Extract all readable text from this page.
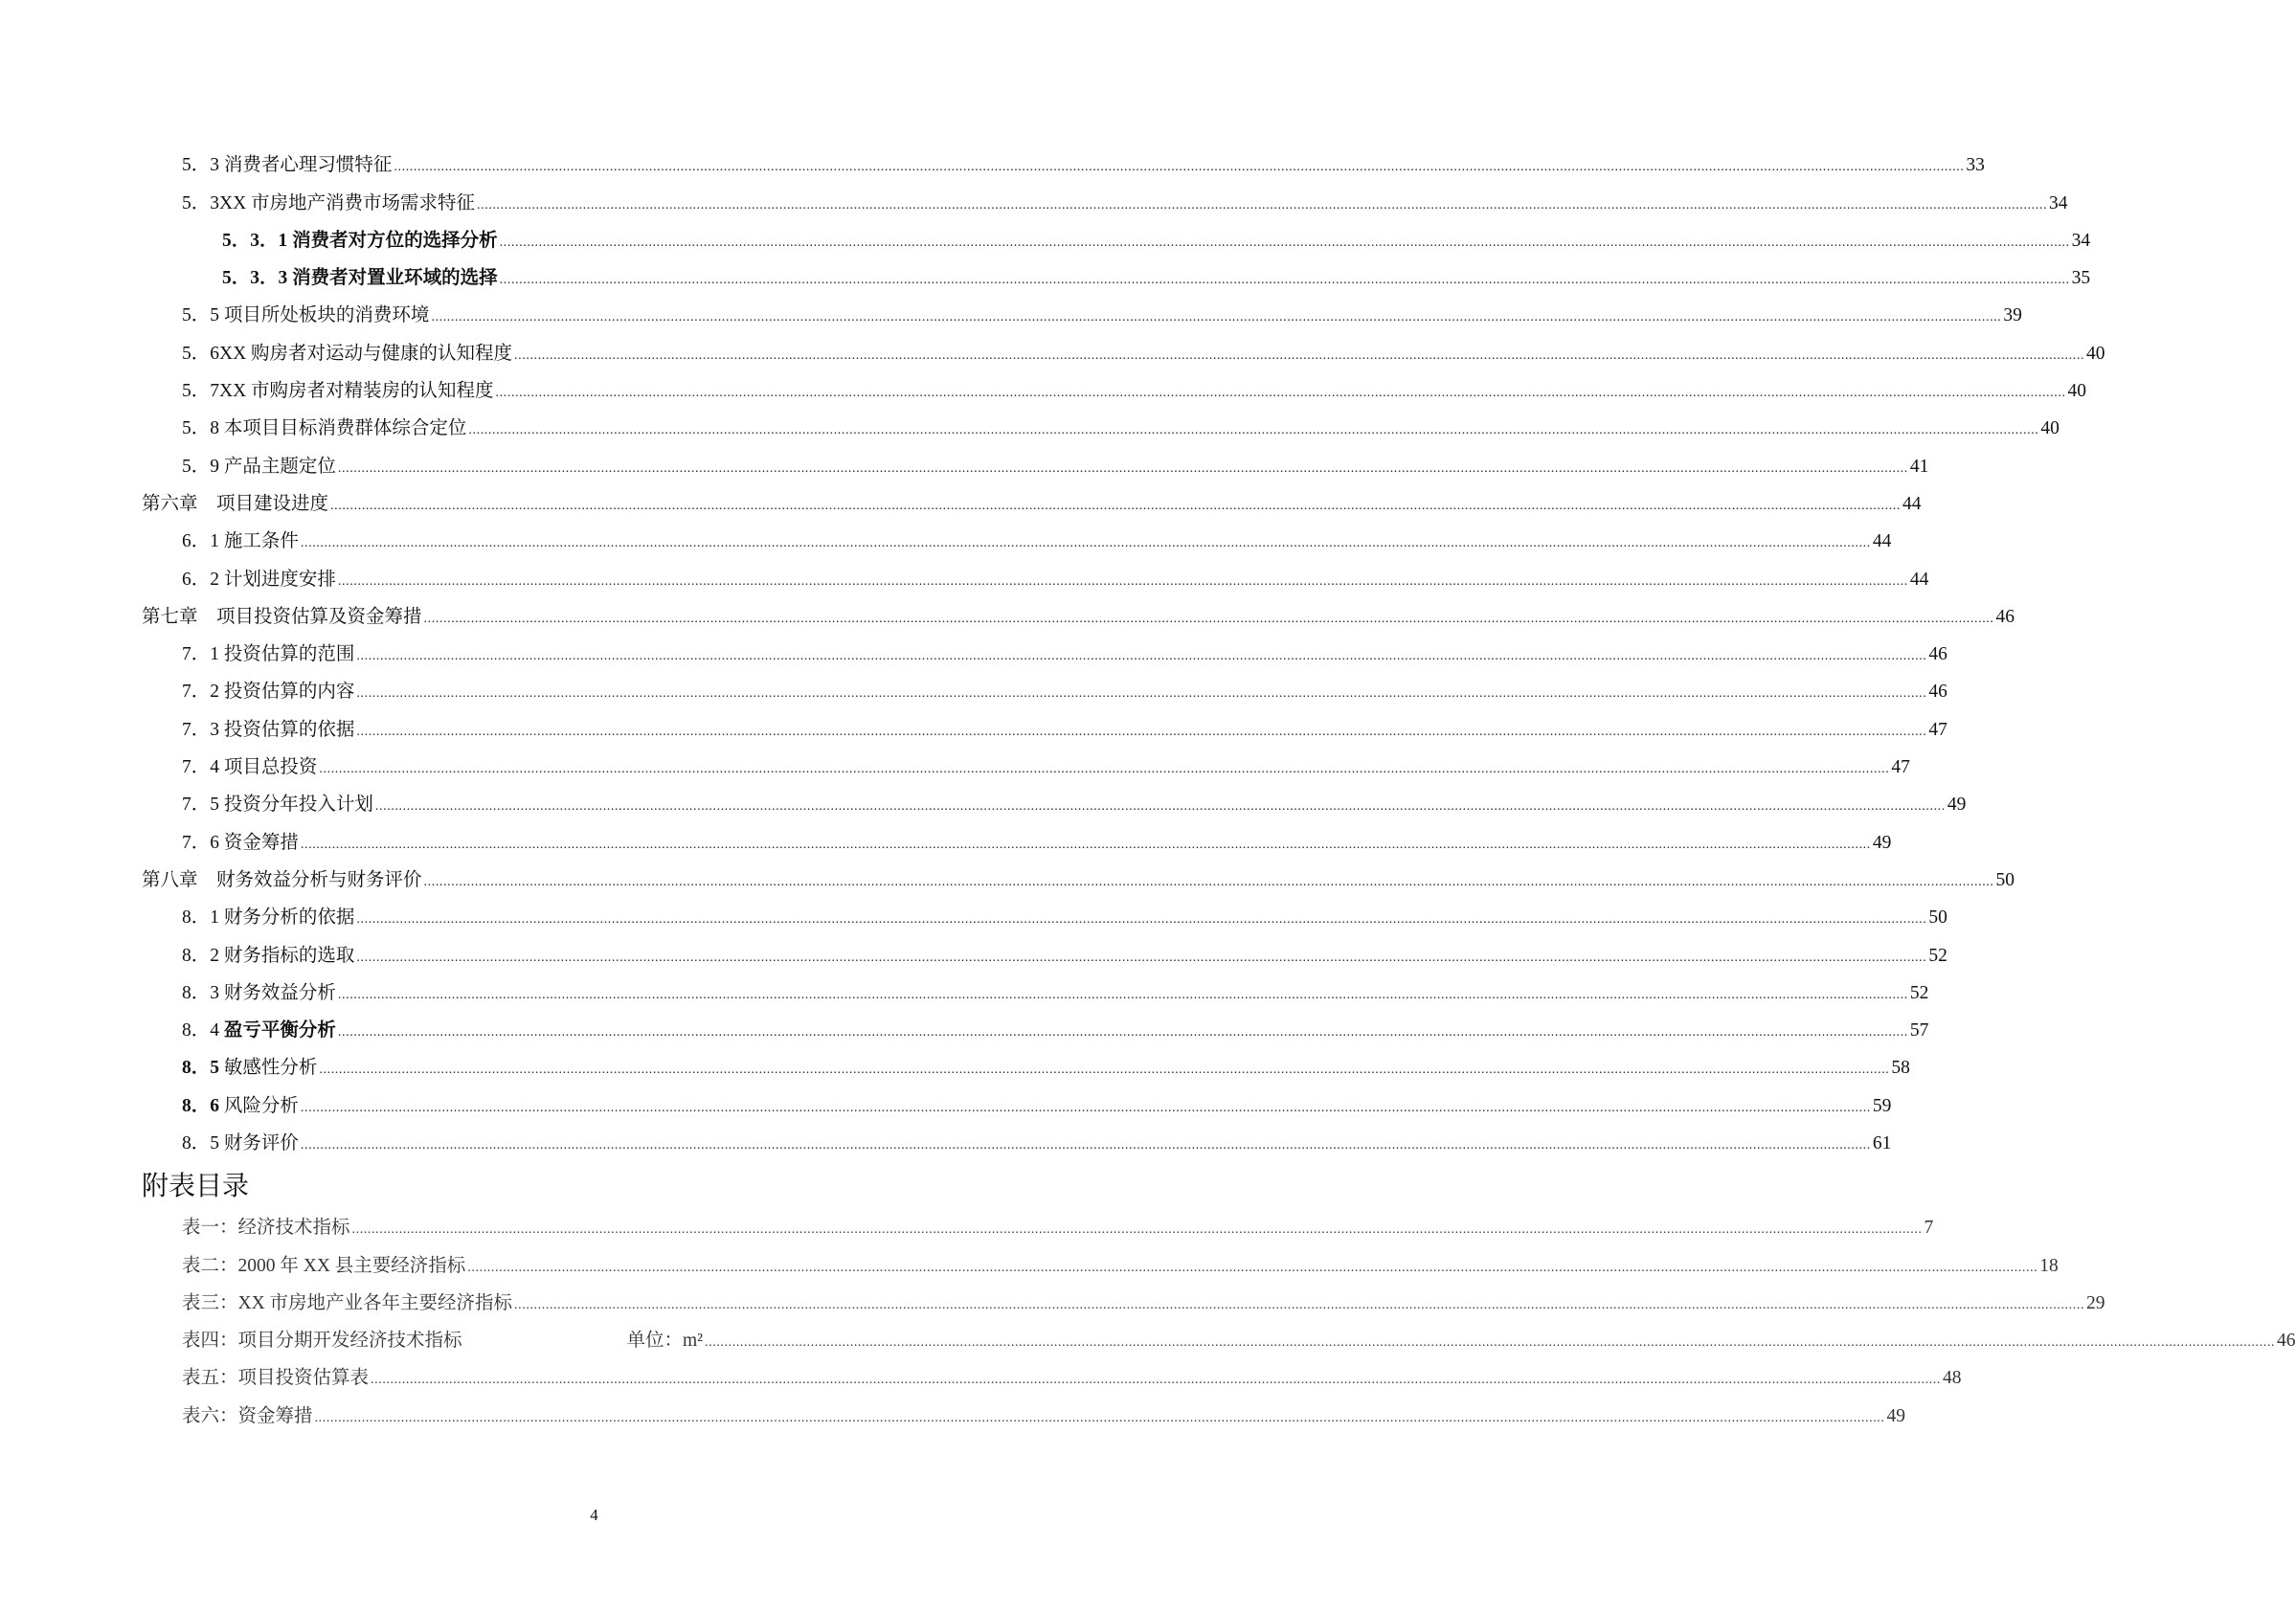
5．3 消费者心理习惯特征 ................................................................................................................................................................................................................................................................................................................................................................................................................ 33
5．3XX 市房地产消费市场需求特征 ................................................................................................................................................................................................................................................................................................................................................................................................................ 34
5．3．1 消费者对方位的选择分析 ................................................................................................................................................................................................................................................................................................................................................................................................................ 34
5．3．3 消费者对置业环域的选择 ................................................................................................................................................................................................................................................................................................................................................................................................................ 35
5．5 项目所处板块的消费环境 ................................................................................................................................................................................................................................................................................................................................................................................................................ 39
5．6XX 购房者对运动与健康的认知程度 ................................................................................................................................................................................................................................................................................................................................................................................................................ 40
5．7XX 市购房者对精装房的认知程度 ................................................................................................................................................................................................................................................................................................................................................................................................................ 40
5．8 本项目目标消费群体综合定位 ................................................................................................................................................................................................................................................................................................................................................................................................................ 40
5．9 产品主题定位 ................................................................................................................................................................................................................................................................................................................................................................................................................ 41
第六章　项目建设进度 ................................................................................................................................................................................................................................................................................................................................................................................................................ 44
6．1 施工条件 ................................................................................................................................................................................................................................................................................................................................................................................................................ 44
6．2 计划进度安排 ................................................................................................................................................................................................................................................................................................................................................................................................................ 44
第七章　项目投资估算及资金筹措 ................................................................................................................................................................................................................................................................................................................................................................................................................ 46
7．1 投资估算的范围 ................................................................................................................................................................................................................................................................................................................................................................................................................ 46
7．2 投资估算的内容 ................................................................................................................................................................................................................................................................................................................................................................................................................ 46
7．3 投资估算的依据 ................................................................................................................................................................................................................................................................................................................................................................................................................ 47
7．4 项目总投资 ................................................................................................................................................................................................................................................................................................................................................................................................................ 47
7．5 投资分年投入计划 ................................................................................................................................................................................................................................................................................................................................................................................................................ 49
7．6 资金筹措 ................................................................................................................................................................................................................................................................................................................................................................................................................ 49
第八章　财务效益分析与财务评价 ................................................................................................................................................................................................................................................................................................................................................................................................................ 50
8．1 财务分析的依据 ................................................................................................................................................................................................................................................................................................................................................................................................................ 50
8．2 财务指标的选取 ................................................................................................................................................................................................................................................................................................................................................................................................................ 52
8．3 财务效益分析 ................................................................................................................................................................................................................................................................................................................................................................................................................ 52
8．4 盈亏平衡分析 ................................................................................................................................................................................................................................................................................................................................................................................................................ 57
8．5 敏感性分析 ................................................................................................................................................................................................................................................................................................................................................................................................................ 58
8．6 风险分析 ................................................................................................................................................................................................................................................................................................................................................................................................................ 59
8．5 财务评价 ................................................................................................................................................................................................................................................................................................................................................................................................................ 61
附表目录
表一：经济技术指标 ................................................................................................................................................................................................................................................................................................................................................................................................................ 7
表二：2000 年 XX 县主要经济指标 ................................................................................................................................................................................................................................................................................................................................................................................................................ 18
表三：XX 市房地产业各年主要经济指标 ................................................................................................................................................................................................................................................................................................................................................................................................................ 29
表四：项目分期开发经济技术指标	单位：m² ................................................................................................................................................................................................................................................................................................................................................................................................................ 46
表五：项目投资估算表 ................................................................................................................................................................................................................................................................................................................................................................................................................ 48
表六：资金筹措 ................................................................................................................................................................................................................................................................................................................................................................................................................ 49
4
